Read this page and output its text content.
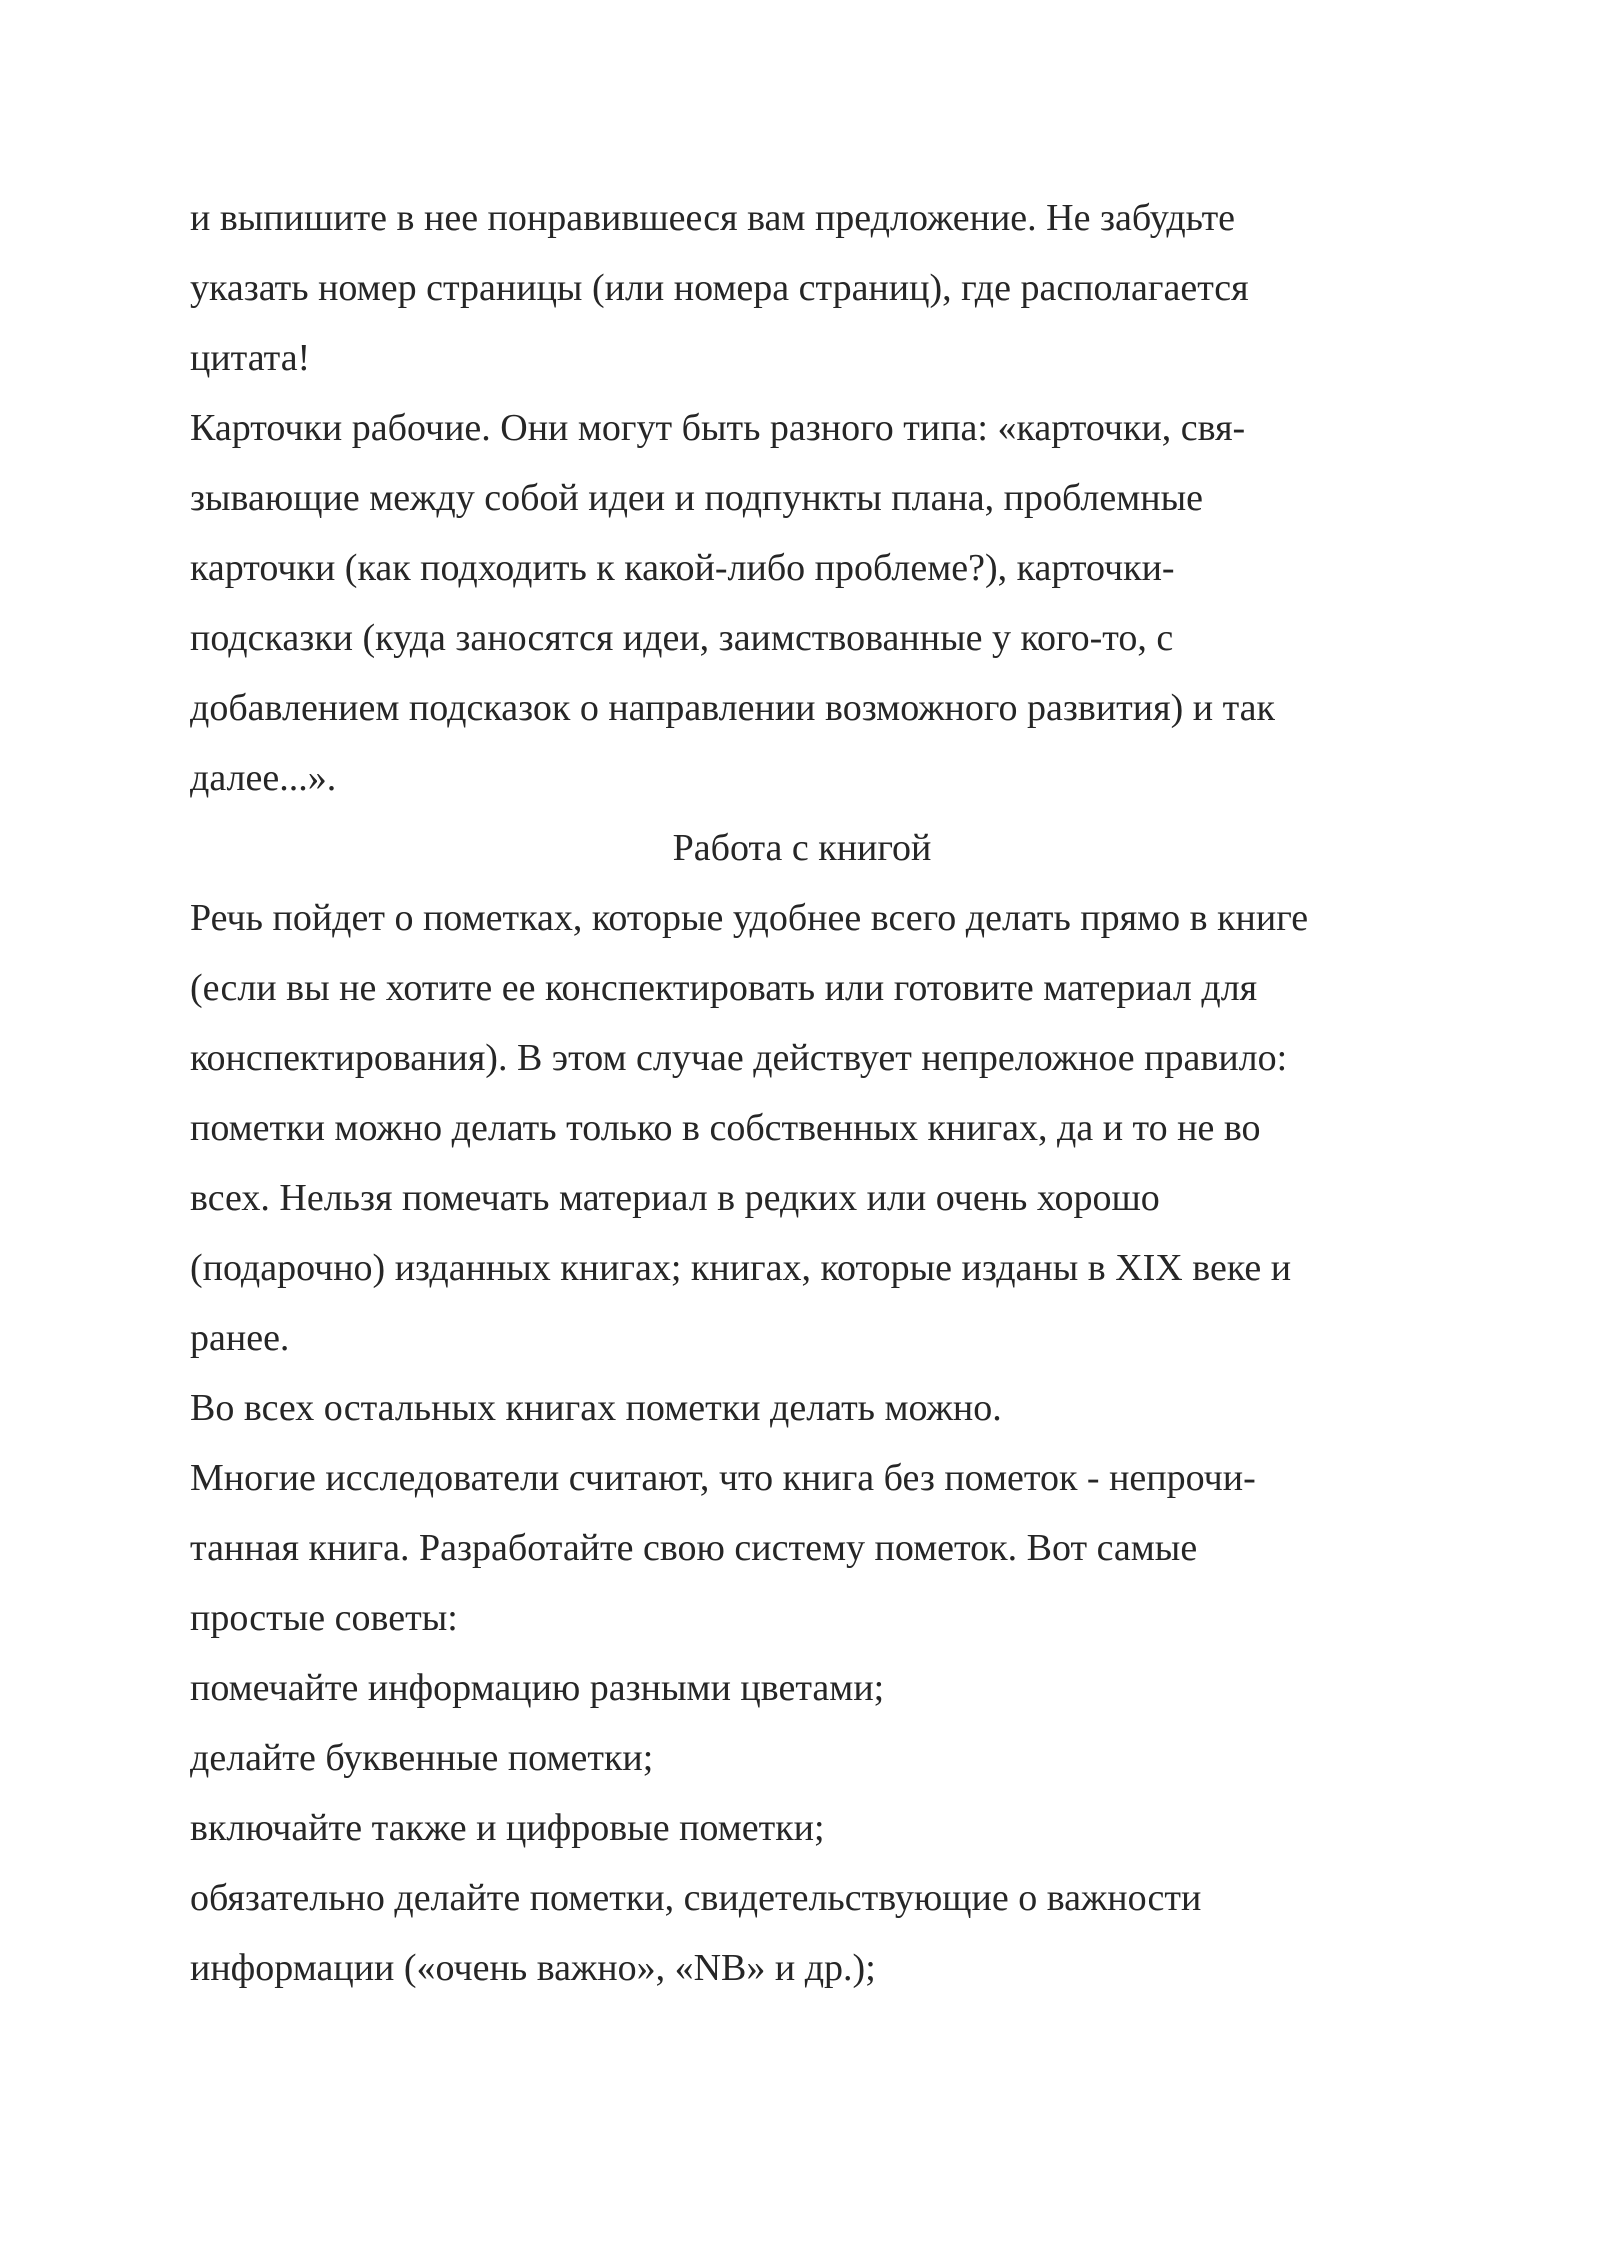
и выпишите в нее понравившееся вам предложение. Не забудьте
указать номер страницы (или номера страниц), где располагается
цитата!
Карточки рабочие. Они могут быть разного типа: «карточки, свя-
зывающие между собой идеи и подпункты плана, проблемные
карточки (как подходить к какой-либо проблеме?), карточки-
подсказки (куда заносятся идеи, заимствованные у кого-то, с
добавлением подсказок о направлении возможного развития) и так
далее...».
Работа с книгой
Речь пойдет о пометках, которые удобнее всего делать прямо в книге
(если вы не хотите ее конспектировать или готовите материал для
конспектирования). В этом случае действует непреложное правило:
пометки можно делать только в собственных книгах, да и то не во
всех. Нельзя помечать материал в редких или очень хорошо
(подарочно) изданных книгах; книгах, которые изданы в XIX веке и
ранее.
Во всех остальных книгах пометки делать можно.
Многие исследователи считают, что книга без пометок - непрочи-
танная книга. Разработайте свою систему пометок. Вот самые
простые советы:
помечайте информацию разными цветами;
делайте буквенные пометки;
включайте также и цифровые пометки;
обязательно делайте пометки, свидетельствующие о важности
информации («очень важно», «NB» и др.);
